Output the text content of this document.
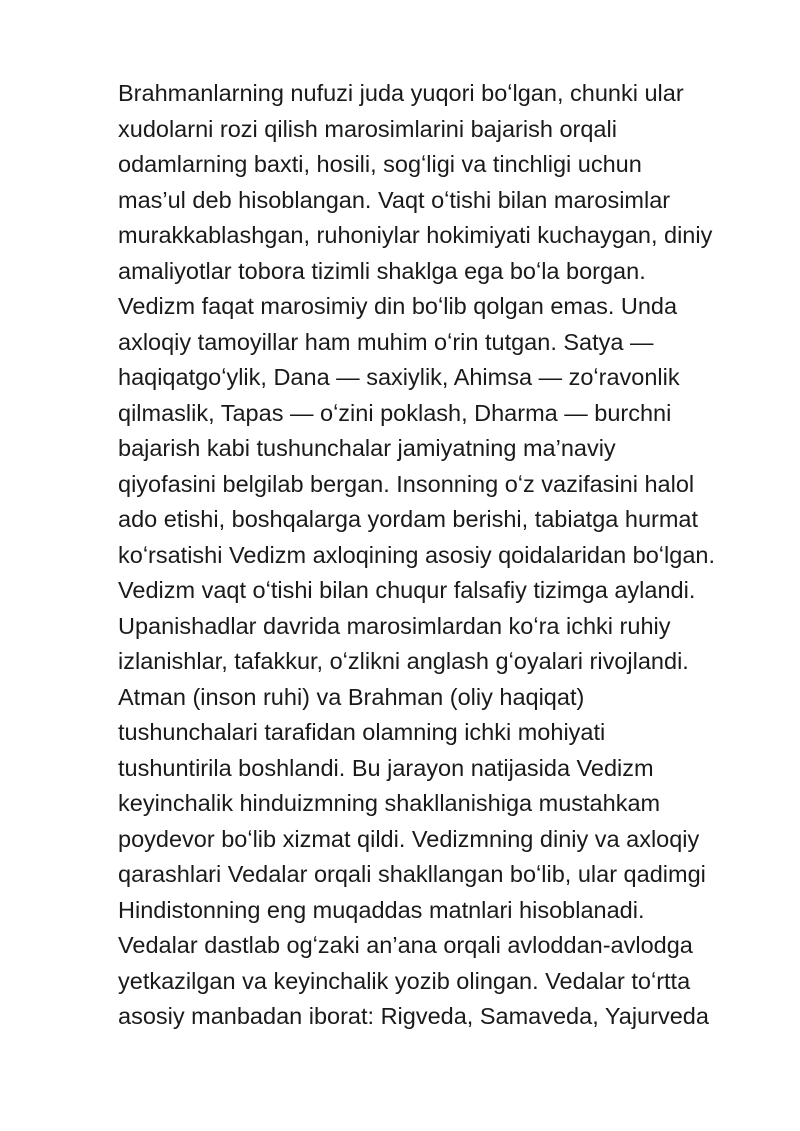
Brahmanlarning nufuzi juda yuqori boʻlgan, chunki ular
xudolarni rozi qilish marosimlarini bajarish orqali
odamlarning baxti, hosili, sogʻligi va tinchligi uchun
mas’ul deb hisoblangan. Vaqt oʻtishi bilan marosimlar
murakkablashgan, ruhoniylar hokimiyati kuchaygan, diniy
amaliyotlar tobora tizimli shaklga ega boʻla borgan.
Vedizm faqat marosimiy din boʻlib qolgan emas. Unda
axloqiy tamoyillar ham muhim oʻrin tutgan. Satya —
haqiqatgoʻylik, Dana — saxiylik, Ahimsa — zoʻravonlik
qilmaslik, Tapas — oʻzini poklash, Dharma — burchni
bajarish kabi tushunchalar jamiyatning ma’naviy
qiyofasini belgilab bergan. Insonning oʻz vazifasini halol
ado etishi, boshqalarga yordam berishi, tabiatga hurmat
koʻrsatishi Vedizm axloqining asosiy qoidalaridan boʻlgan.
Vedizm vaqt oʻtishi bilan chuqur falsafiy tizimga aylandi.
Upanishadlar davrida marosimlardan koʻra ichki ruhiy
izlanishlar, tafakkur, oʻzlikni anglash gʻoyalari rivojlandi.
Atman (inson ruhi) va Brahman (oliy haqiqat)
tushunchalari tarafidan olamning ichki mohiyati
tushuntirila boshlandi. Bu jarayon natijasida Vedizm
keyinchalik hinduizmning shakllanishiga mustahkam
poydevor boʻlib xizmat qildi. Vedizmning diniy va axloqiy
qarashlari Vedalar orqali shakllangan boʻlib, ular qadimgi
Hindistonning eng muqaddas matnlari hisoblanadi.
Vedalar dastlab ogʻzaki an’ana orqali avloddan-avlodga
yetkazilgan va keyinchalik yozib olingan. Vedalar toʻrtta
asosiy manbadan iborat: Rigveda, Samaveda, Yajurveda
